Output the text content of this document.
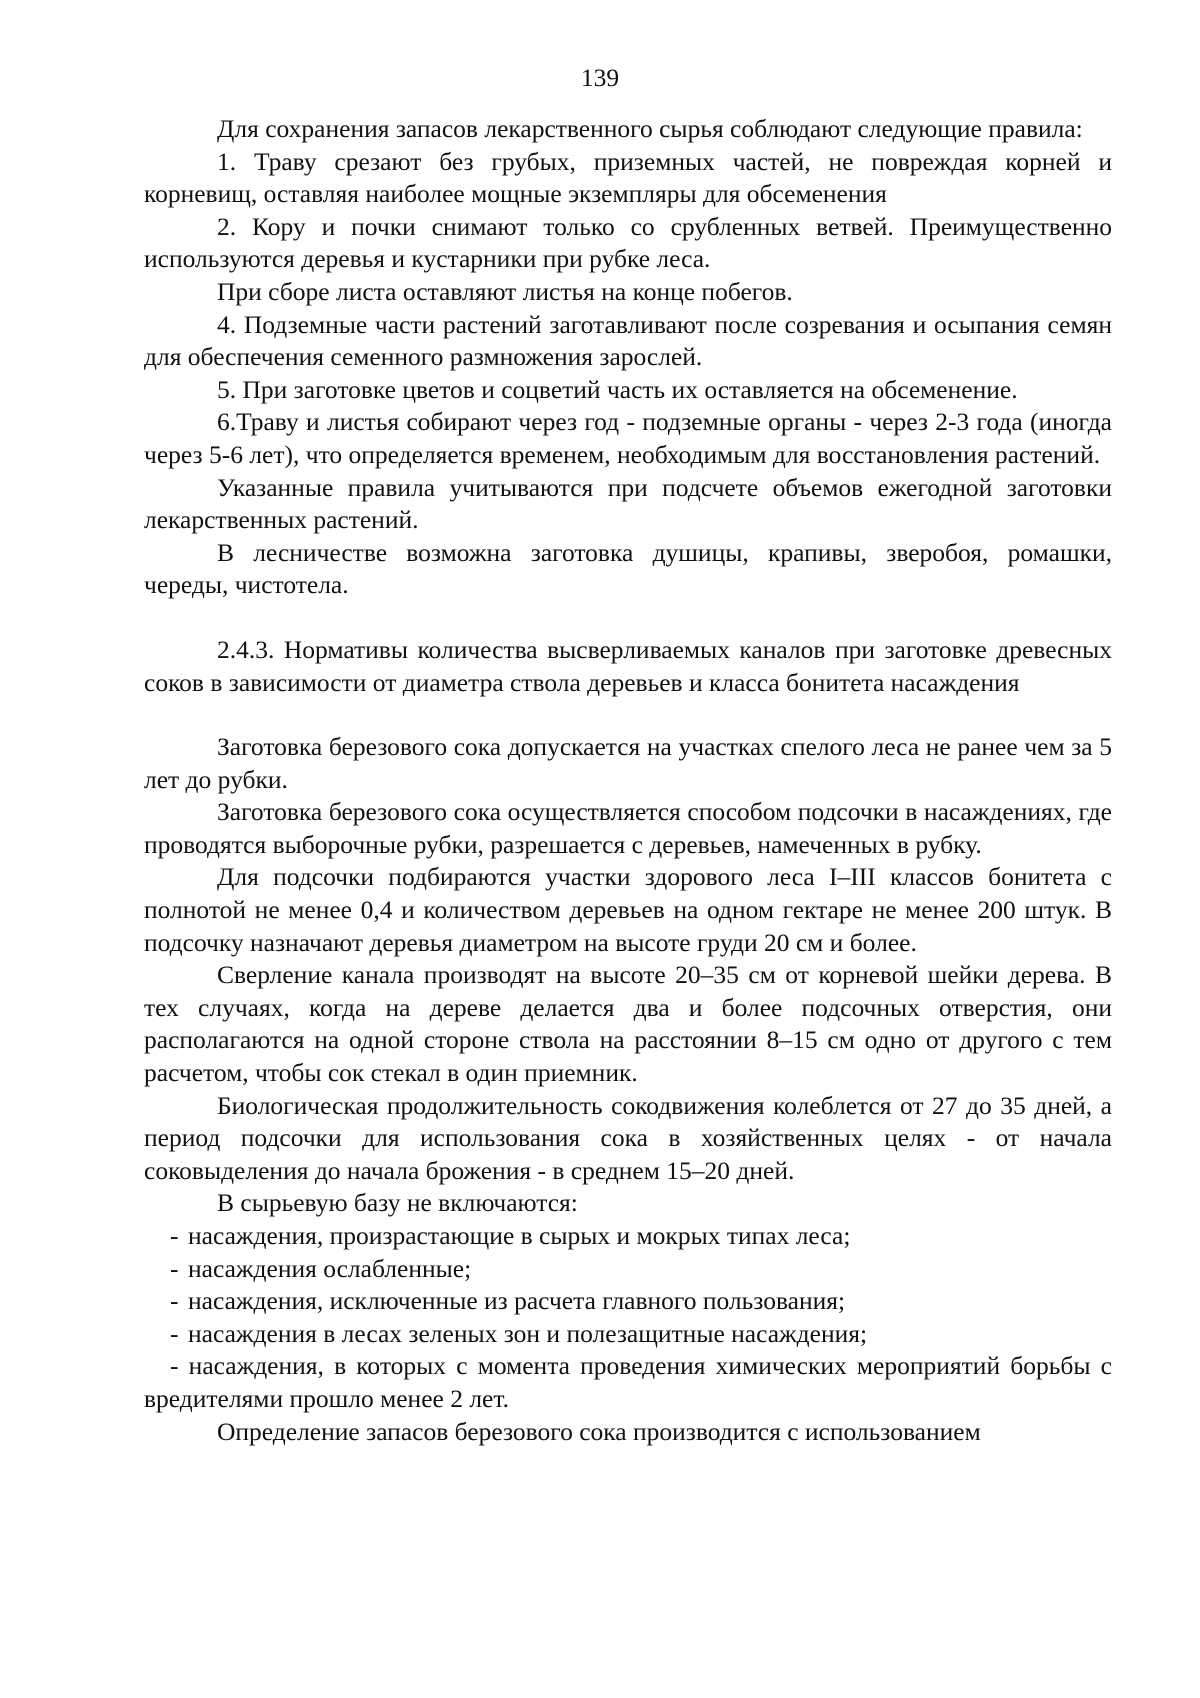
139

Для сохранения запасов лекарственного сырья соблюдают следующие правила:

1. Траву срезают без грубых, приземных частей, не повреждая корней и корневищ, оставляя наиболее мощные экземпляры для обсеменения

2. Кору и почки снимают только со срубленных ветвей. Преимущественно используются деревья и кустарники при рубке леса.

При сборе листа оставляют листья на конце побегов.

4. Подземные части растений заготавливают после созревания и осыпания семян для обеспечения семенного размножения зарослей.

5. При заготовке цветов и соцветий часть их оставляется на обсеменение.

6.Траву и листья собирают через год - подземные органы - через 2-3 года (иногда через 5-6 лет), что определяется временем, необходимым для восстановления растений.

Указанные правила учитываются при подсчете объемов ежегодной заготовки лекарственных растений.

В лесничестве возможна заготовка душицы, крапивы, зверобоя, ромашки, череды, чистотела.

2.4.3. Нормативы количества высверливаемых каналов при заготовке древесных соков в зависимости от диаметра ствола деревьев и класса бонитета насаждения

Заготовка березового сока допускается на участках спелого леса не ранее чем за 5 лет до рубки.

Заготовка березового сока осуществляется способом подсочки в насаждениях, где проводятся выборочные рубки, разрешается с деревьев, намеченных в рубку.

Для подсочки подбираются участки здорового леса I–III классов бонитета с полнотой не менее 0,4 и количеством деревьев на одном гектаре не менее 200 штук. В подсочку назначают деревья диаметром на высоте груди 20 см и более.

Сверление канала производят на высоте 20–35 см от корневой шейки дерева. В тех случаях, когда на дереве делается два и более подсочных отверстия, они располагаются на одной стороне ствола на расстоянии 8–15 см одно от другого с тем расчетом, чтобы сок стекал в один приемник.

Биологическая продолжительность сокодвижения колеблется от 27 до 35 дней, а период подсочки для использования сока в хозяйственных целях - от начала соковыделения до начала брожения - в среднем 15–20 дней.

В сырьевую базу не включаются:

- насаждения, произрастающие в сырых и мокрых типах леса;
- насаждения ослабленные;
- насаждения, исключенные из расчета главного пользования;
- насаждения в лесах зеленых зон и полезащитные насаждения;

- насаждения, в которых с момента проведения химических мероприятий борьбы с вредителями прошло менее 2 лет.

Определение запасов березового сока производится с использованием
